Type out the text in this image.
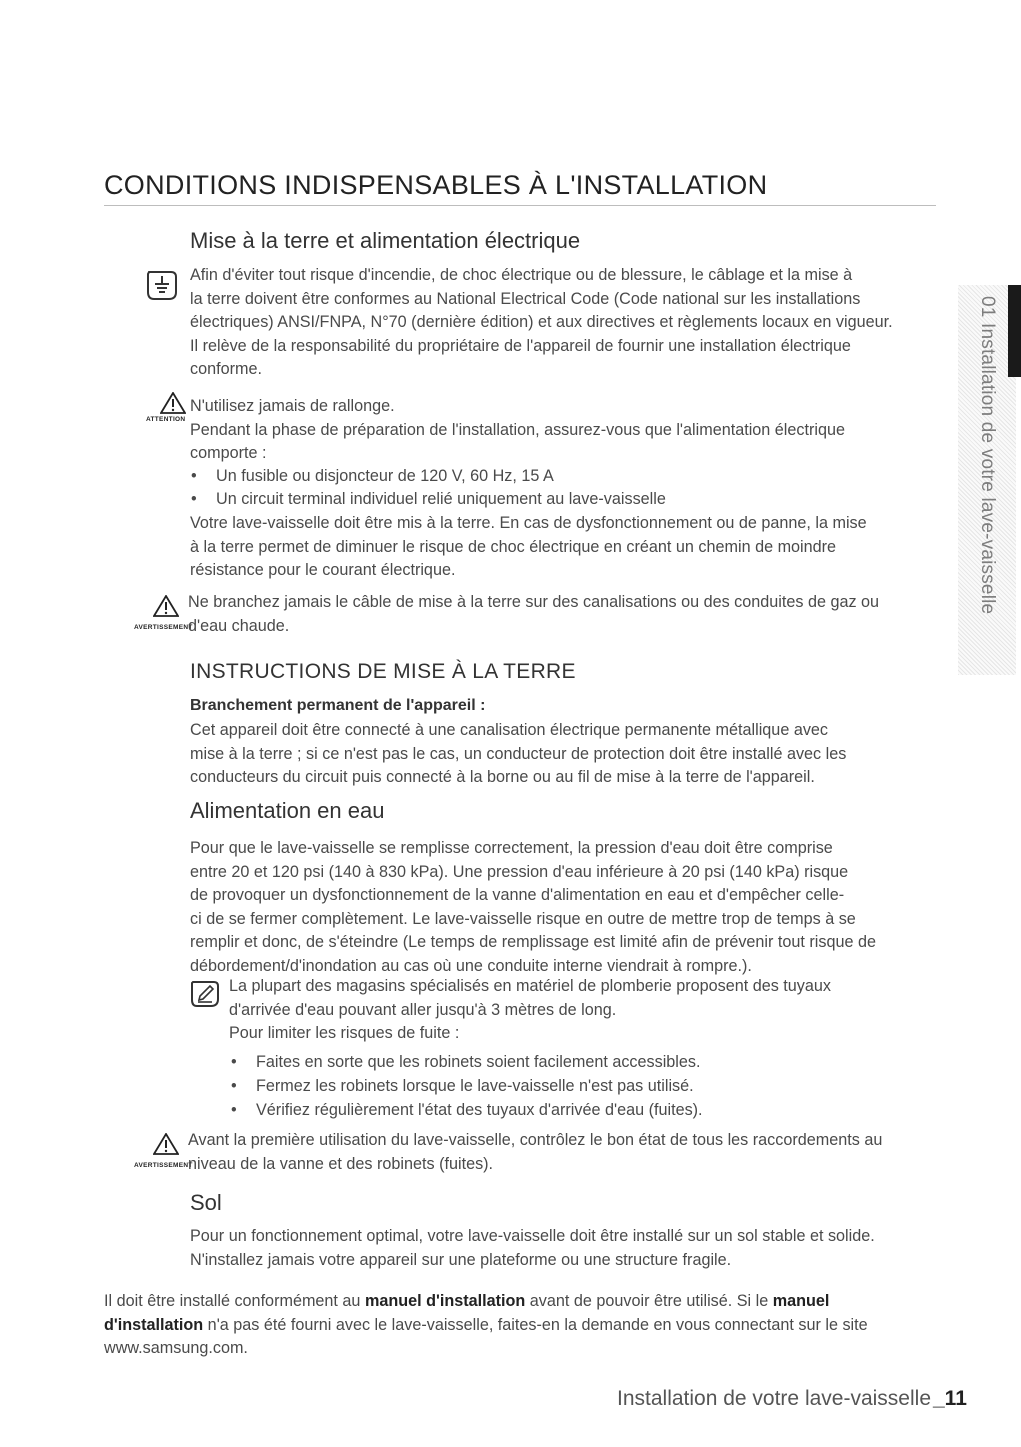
CONDITIONS INDISPENSABLES À L'INSTALLATION
Mise à la terre et alimentation électrique
Afin d'éviter tout risque d'incendie, de choc électrique ou de blessure, le câblage et la mise à
la terre doivent être conformes au National Electrical Code (Code national sur les installations
électriques) ANSI/FNPA, N°70 (dernière édition) et aux directives et règlements locaux en vigueur.
Il relève de la responsabilité du propriétaire de l'appareil de fournir une installation électrique
conforme.
ATTENTION
N'utilisez jamais de rallonge.
Pendant la phase de préparation de l'installation, assurez-vous que l'alimentation électrique
comporte :
• Un fusible ou disjoncteur de 120 V, 60 Hz, 15 A
• Un circuit terminal individuel relié uniquement au lave-vaisselle
Votre lave-vaisselle doit être mis à la terre. En cas de dysfonctionnement ou de panne, la mise
à la terre permet de diminuer le risque de choc électrique en créant un chemin de moindre
résistance pour le courant électrique.
AVERTISSEMENT
Ne branchez jamais le câble de mise à la terre sur des canalisations ou des conduites de gaz ou
d'eau chaude.
INSTRUCTIONS DE MISE À LA TERRE
Branchement permanent de l'appareil :
Cet appareil doit être connecté à une canalisation électrique permanente métallique avec
mise à la terre ; si ce n'est pas le cas, un conducteur de protection doit être installé avec les
conducteurs du circuit puis connecté à la borne ou au fil de mise à la terre de l'appareil.
Alimentation en eau
Pour que le lave-vaisselle se remplisse correctement, la pression d'eau doit être comprise
entre 20 et 120 psi (140 à 830 kPa). Une pression d'eau inférieure à 20 psi (140 kPa) risque
de provoquer un dysfonctionnement de la vanne d'alimentation en eau et d'empêcher celle-
ci de se fermer complètement. Le lave-vaisselle risque en outre de mettre trop de temps à se
remplir et donc, de s'éteindre (Le temps de remplissage est limité afin de prévenir tout risque de
débordement/d'inondation au cas où une conduite interne viendrait à rompre.).
La plupart des magasins spécialisés en matériel de plomberie proposent des tuyaux
d'arrivée d'eau pouvant aller jusqu'à 3 mètres de long.
Pour limiter les risques de fuite :
• Faites en sorte que les robinets soient facilement accessibles.
• Fermez les robinets lorsque le lave-vaisselle n'est pas utilisé.
• Vérifiez régulièrement l'état des tuyaux d'arrivée d'eau (fuites).
AVERTISSEMENT
Avant la première utilisation du lave-vaisselle, contrôlez le bon état de tous les raccordements au
niveau de la vanne et des robinets (fuites).
Sol
Pour un fonctionnement optimal, votre lave-vaisselle doit être installé sur un sol stable et solide.
N'installez jamais votre appareil sur une plateforme ou une structure fragile.
Il doit être installé conformément au manuel d'installation avant de pouvoir être utilisé. Si le manuel
d'installation n'a pas été fourni avec le lave-vaisselle, faites-en la demande en vous connectant sur le site
www.samsung.com.
01 Installation de votre lave-vaisselle
Installation de votre lave-vaisselle _11
